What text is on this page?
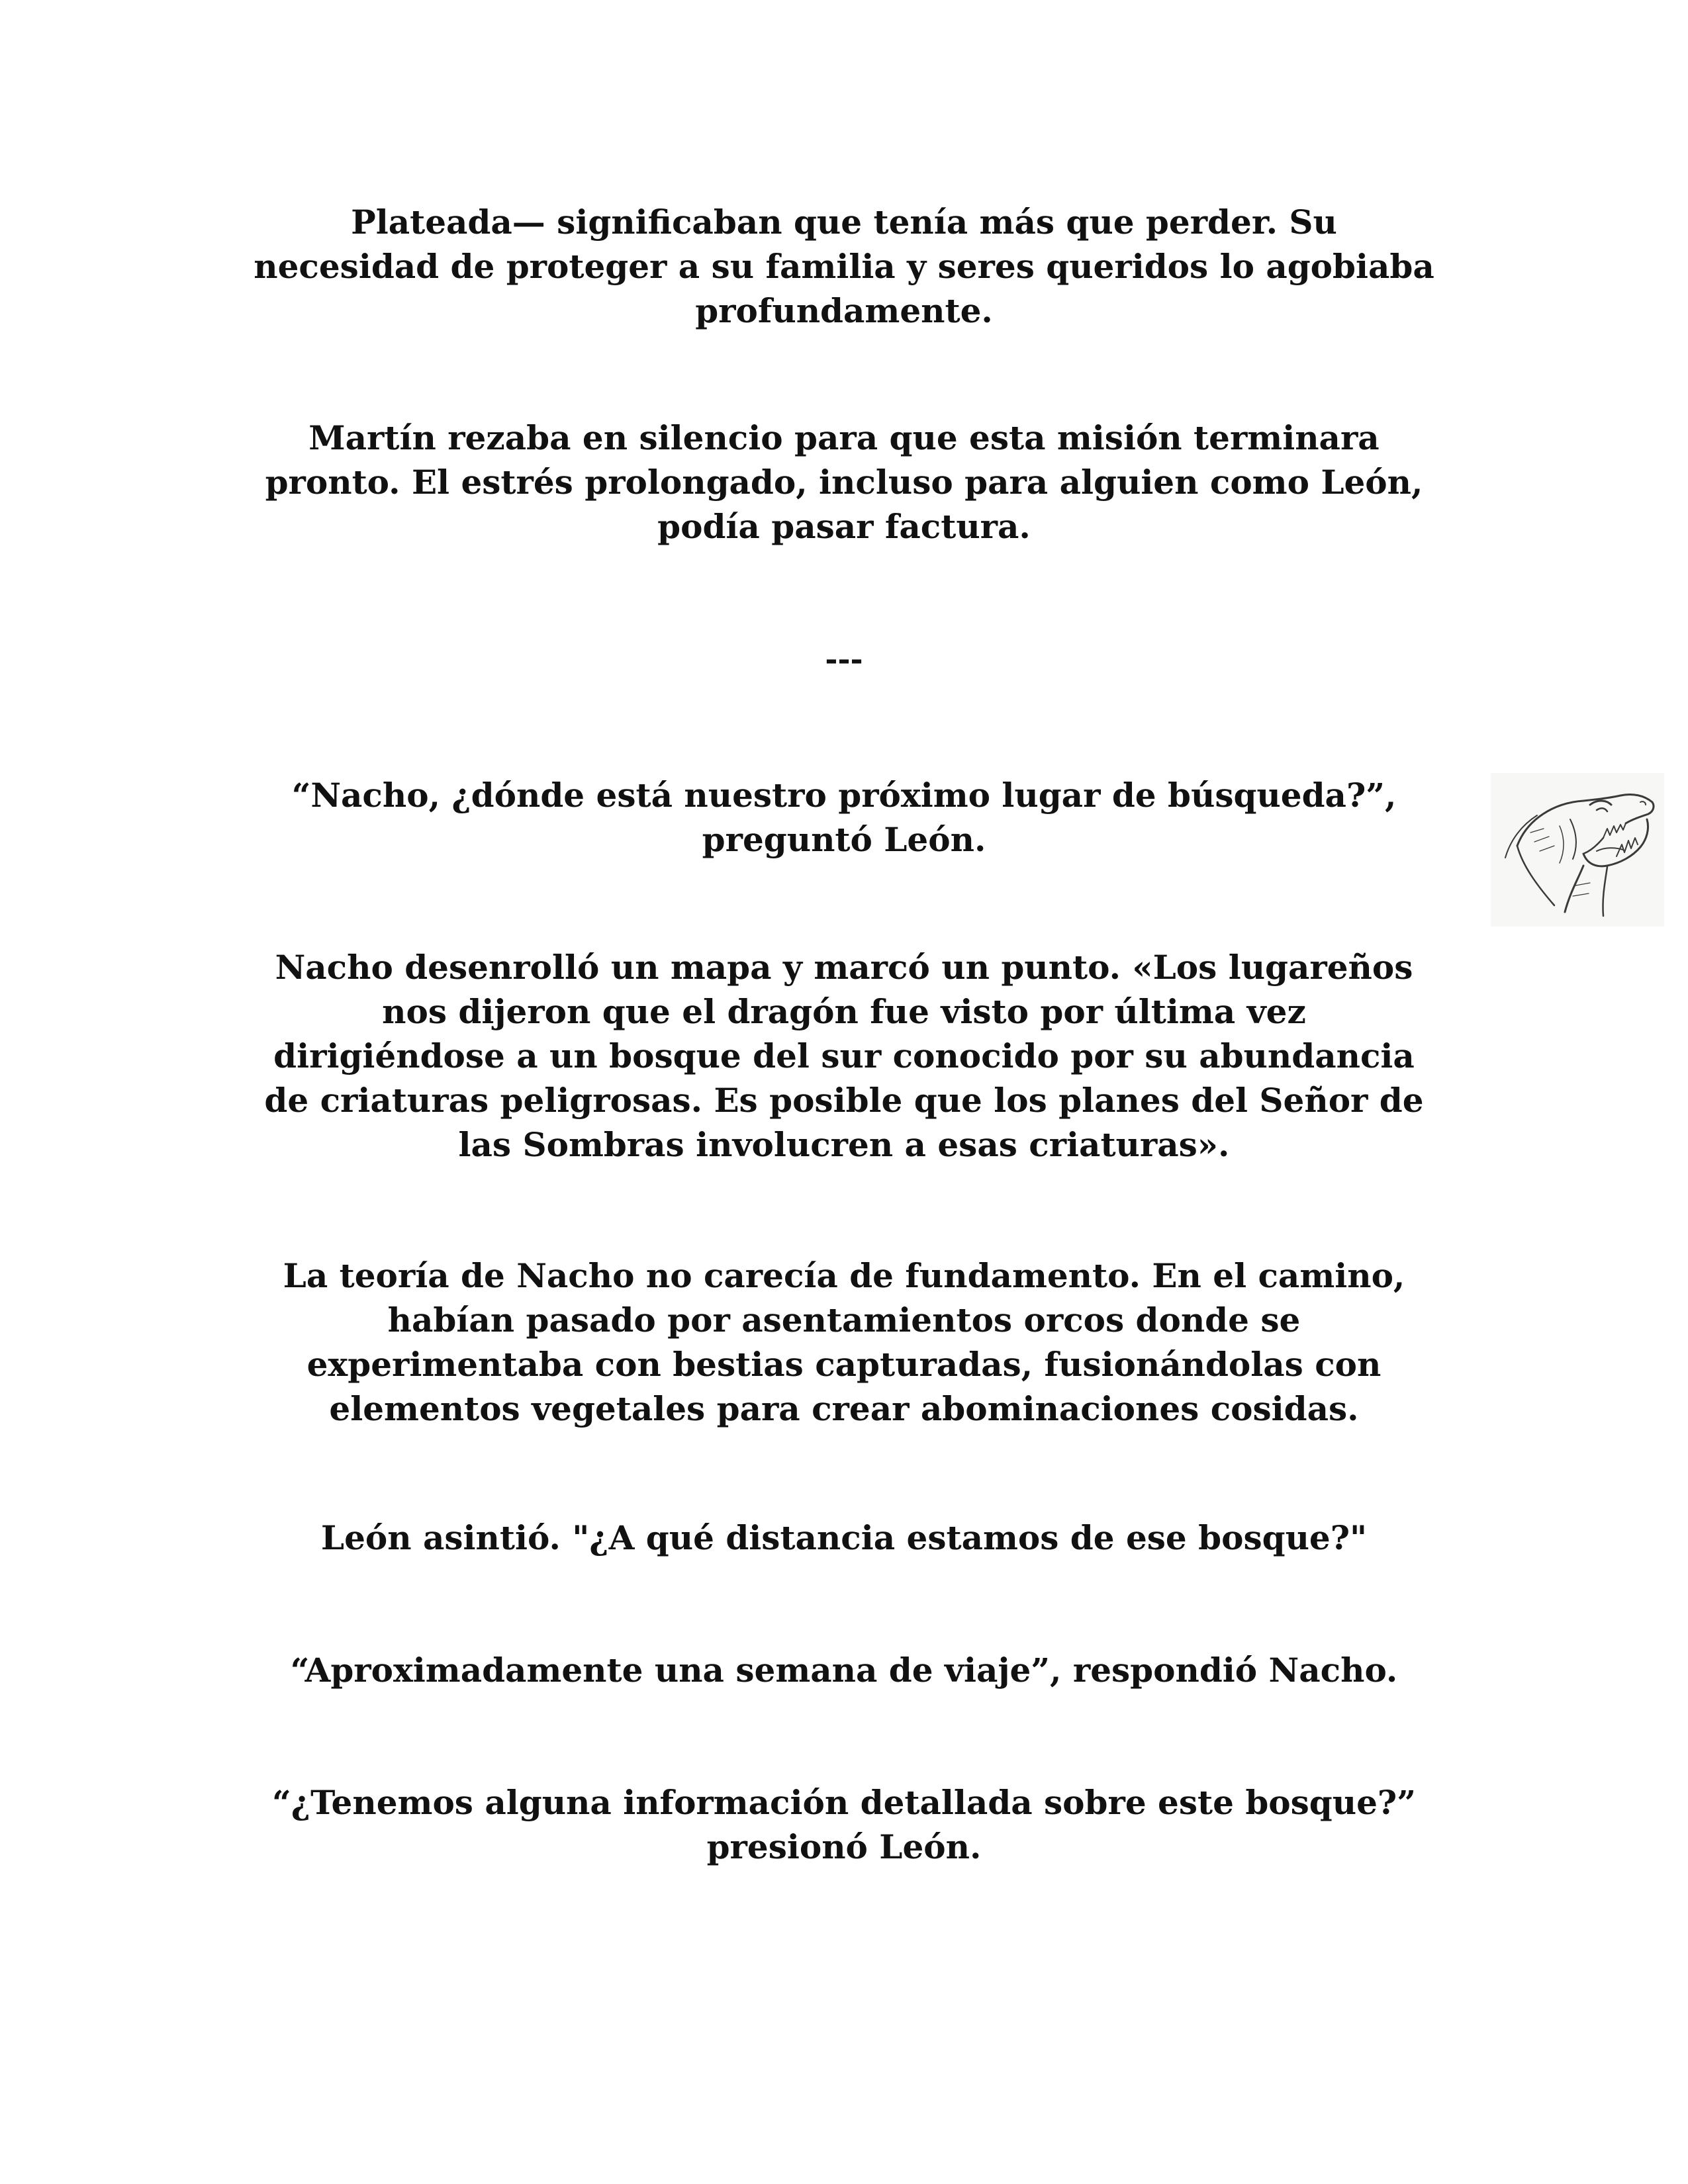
Plateada— significaban que tenía más que perder. Su
necesidad de proteger a su familia y seres queridos lo agobiaba
profundamente.
Martín rezaba en silencio para que esta misión terminara
pronto. El estrés prolongado, incluso para alguien como León,
podía pasar factura.
---
“Nacho, ¿dónde está nuestro próximo lugar de búsqueda?”,
preguntó León.
Nacho desenrolló un mapa y marcó un punto. «Los lugareños
nos dijeron que el dragón fue visto por última vez
dirigiéndose a un bosque del sur conocido por su abundancia
de criaturas peligrosas. Es posible que los planes del Señor de
las Sombras involucren a esas criaturas».
La teoría de Nacho no carecía de fundamento. En el camino,
habían pasado por asentamientos orcos donde se
experimentaba con bestias capturadas, fusionándolas con
elementos vegetales para crear abominaciones cosidas.
León asintió. "¿A qué distancia estamos de ese bosque?"
“Aproximadamente una semana de viaje”, respondió Nacho.
“¿Tenemos alguna información detallada sobre este bosque?”
presionó León.
